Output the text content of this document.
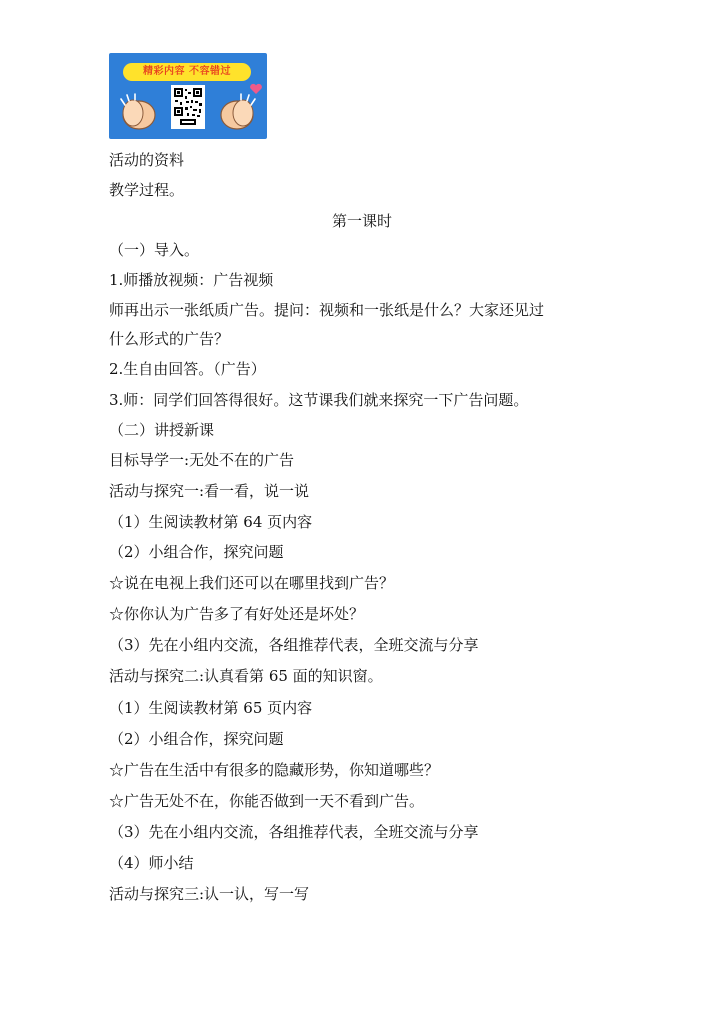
精彩内容 不容错过
活动的资料
教学过程。
第一课时
（一）导入。
1.师播放视频：广告视频
师再出示一张纸质广告。提问：视频和一张纸是什么？大家还见过
什么形式的广告？
2.生自由回答。（广告）
3.师：同学们回答得很好。这节课我们就来探究一下广告问题。
（二）讲授新课
目标导学一:无处不在的广告
活动与探究一:看一看，说一说
（1）生阅读教材第 64 页内容
（2）小组合作，探究问题
☆说在电视上我们还可以在哪里找到广告？
☆你你认为广告多了有好处还是坏处？
（3）先在小组内交流，各组推荐代表，全班交流与分享
活动与探究二:认真看第 65 面的知识窗。
（1）生阅读教材第 65 页内容
（2）小组合作，探究问题
☆广告在生活中有很多的隐藏形势，你知道哪些？
☆广告无处不在，你能否做到一天不看到广告。
（3）先在小组内交流，各组推荐代表，全班交流与分享
（4）师小结
活动与探究三:认一认，写一写
